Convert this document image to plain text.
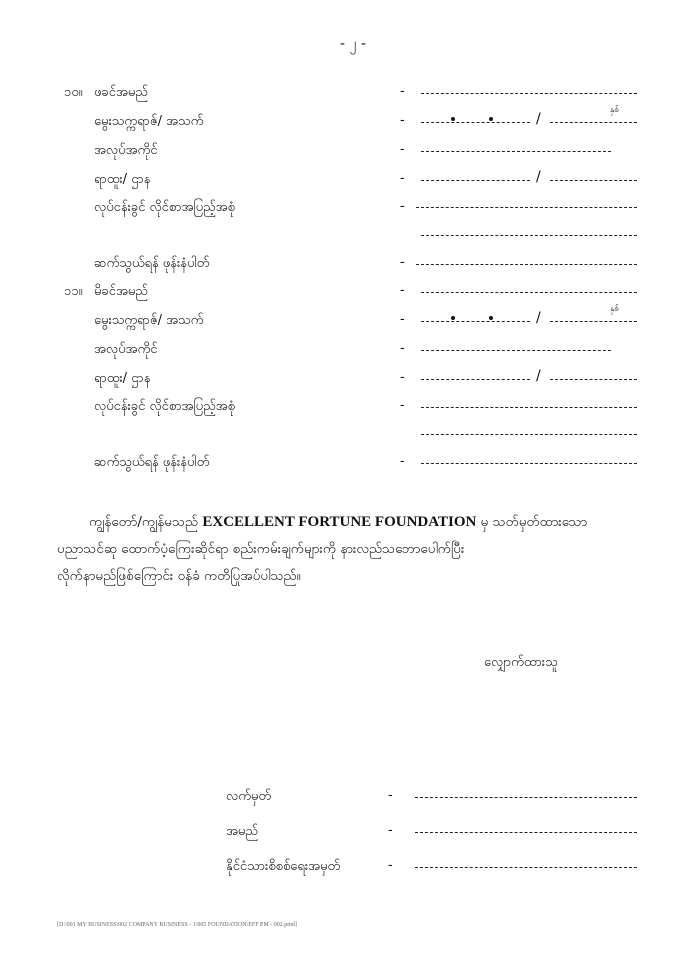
- ၂ -
၁၀။ ဖခင်အမည်	-
မွေးသက္ကရာဇ်/ အသက်	-	/
နှစ်
အလုပ်အကိုင်	-
ရာထူး/ ဌာန	-	/
လုပ်ငန်းခွင် လိုင်စာအပြည့်အစုံ	-
ဆက်သွယ်ရန် ဖုန်းနံပါတ်	-
၁၁။ မိခင်အမည်	-
မွေးသက္ကရာဇ်/ အသက်	-	/
နှစ်
အလုပ်အကိုင်	-
ရာထူး/ ဌာန	-	/
လုပ်ငန်းခွင် လိုင်စာအပြည့်အစုံ	-
ဆက်သွယ်ရန် ဖုန်းနံပါတ်	-
ကျွန်တော်/ကျွန်မသည် EXCELLENT FORTUNE FOUNDATION မှ သတ်မှတ်ထားသော
ပညာသင်ဆု ထောက်ပံ့ကြေးဆိုင်ရာ စည်းကမ်းချက်များကို နားလည်သဘောပေါက်ပြီး
လိုက်နာမည်ဖြစ်ကြောင်း ဝန်ခံ ကတိပြုအပ်ပါသည်။
လျှောက်ထားသူ
လက်မှတ်	-
အမည်	-
နိုင်ငံသားစိစစ်ရေးအမှတ်	-
[D:\001 MY BUSINESS\002 COMPANY BUSINESS - 1\005 FOUNDATION\EFF PM - 002.pmd]
